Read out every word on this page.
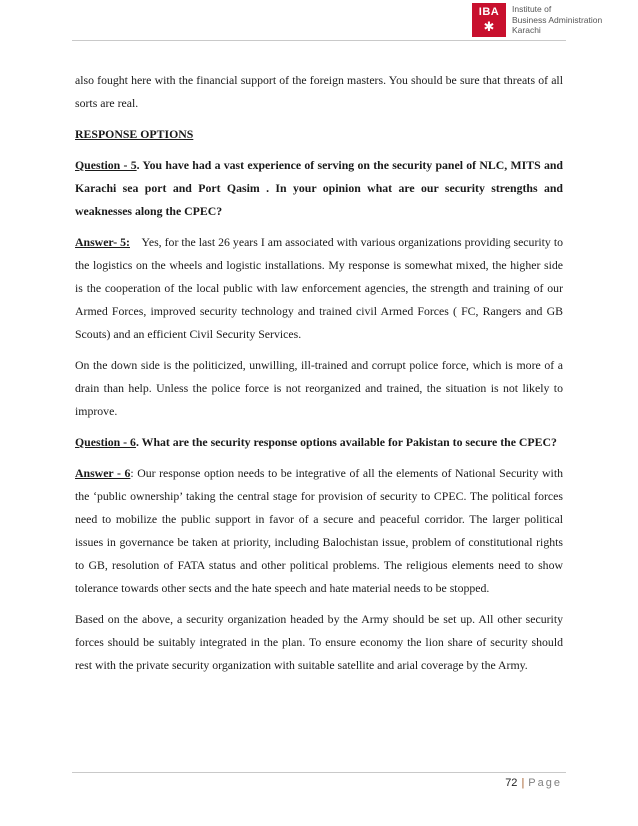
IBA
✱
Institute of
Business Administration
Karachi

also fought here with the financial support of the foreign masters. You should be sure that threats of all sorts are real.

RESPONSE OPTIONS

Question - 5. You have had a vast experience of serving on the security panel of NLC, MITS and Karachi sea port and Port Qasim . In your opinion what are our security strengths and weaknesses along the CPEC?

Answer- 5: Yes, for the last 26 years I am associated with various organizations providing security to the logistics on the wheels and logistic installations. My response is somewhat mixed, the higher side is the cooperation of the local public with law enforcement agencies, the strength and training of our Armed Forces, improved security technology and trained civil Armed Forces ( FC, Rangers and GB Scouts) and an efficient Civil Security Services.

On the down side is the politicized, unwilling, ill-trained and corrupt police force, which is more of a drain than help. Unless the police force is not reorganized and trained, the situation is not likely to improve.

Question - 6. What are the security response options available for Pakistan to secure the CPEC?

Answer - 6: Our response option needs to be integrative of all the elements of National Security with the ‘public ownership’ taking the central stage for provision of security to CPEC. The political forces need to mobilize the public support in favor of a secure and peaceful corridor. The larger political issues in governance be taken at priority, including Balochistan issue, problem of constitutional rights to GB, resolution of FATA status and other political problems. The religious elements need to show tolerance towards other sects and the hate speech and hate material needs to be stopped.

Based on the above, a security organization headed by the Army should be set up. All other security forces should be suitably integrated in the plan. To ensure economy the lion share of security should rest with the private security organization with suitable satellite and arial coverage by the Army.

72 | Page
